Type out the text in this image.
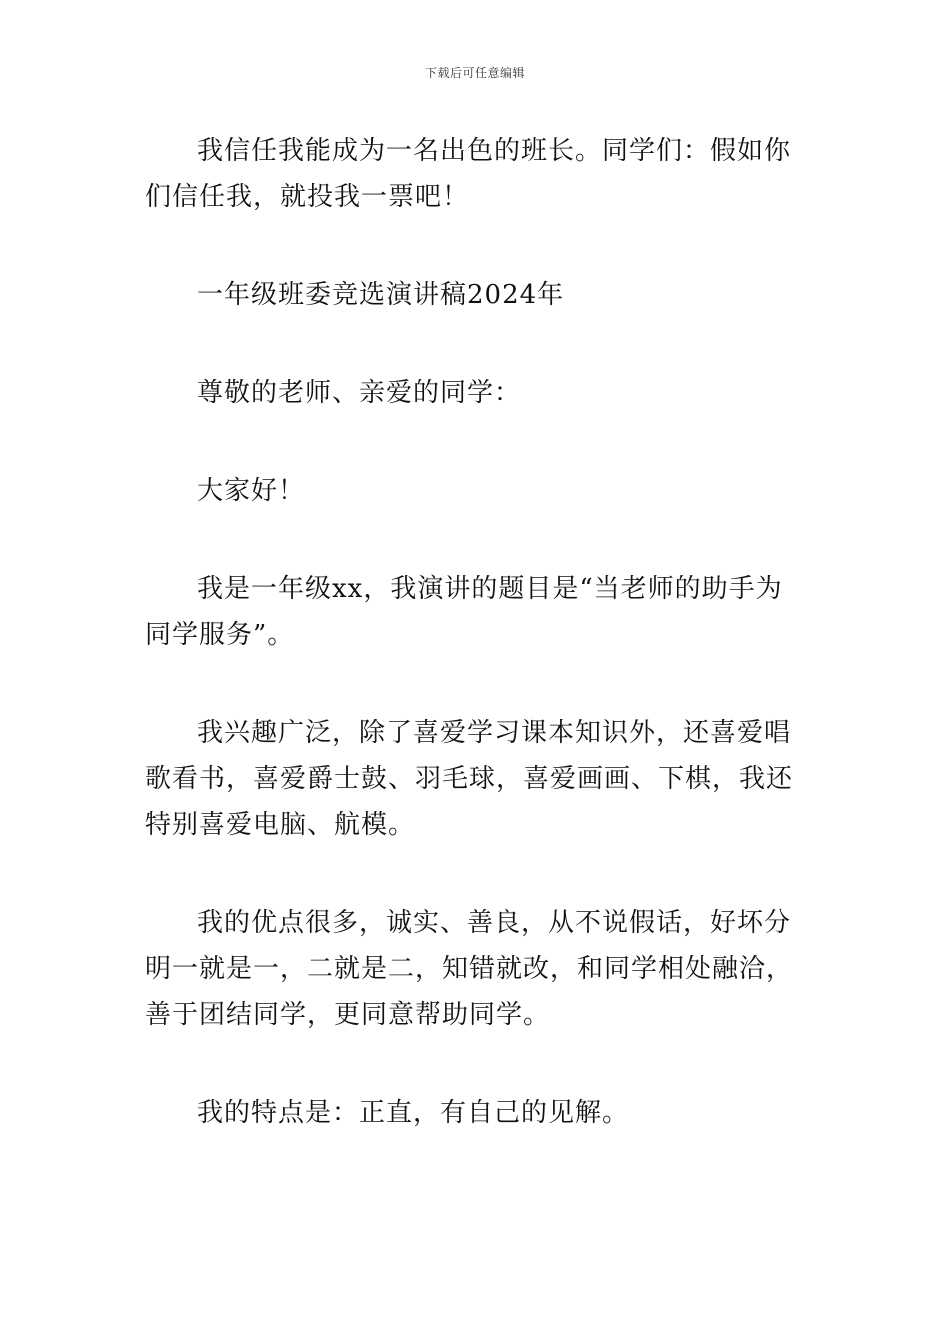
下载后可任意编辑

我信任我能成为一名出色的班长。同学们：假如你们信任我，就投我一票吧！

一年级班委竞选演讲稿2024年

尊敬的老师、亲爱的同学：

大家好！

我是一年级xx，我演讲的题目是“当老师的助手为同学服务”。

我兴趣广泛，除了喜爱学习课本知识外，还喜爱唱歌看书，喜爱爵士鼓、羽毛球，喜爱画画、下棋，我还特别喜爱电脑、航模。

我的优点很多，诚实、善良，从不说假话，好坏分明一就是一，二就是二，知错就改，和同学相处融洽，善于团结同学，更同意帮助同学。

我的特点是：正直，有自己的见解。
